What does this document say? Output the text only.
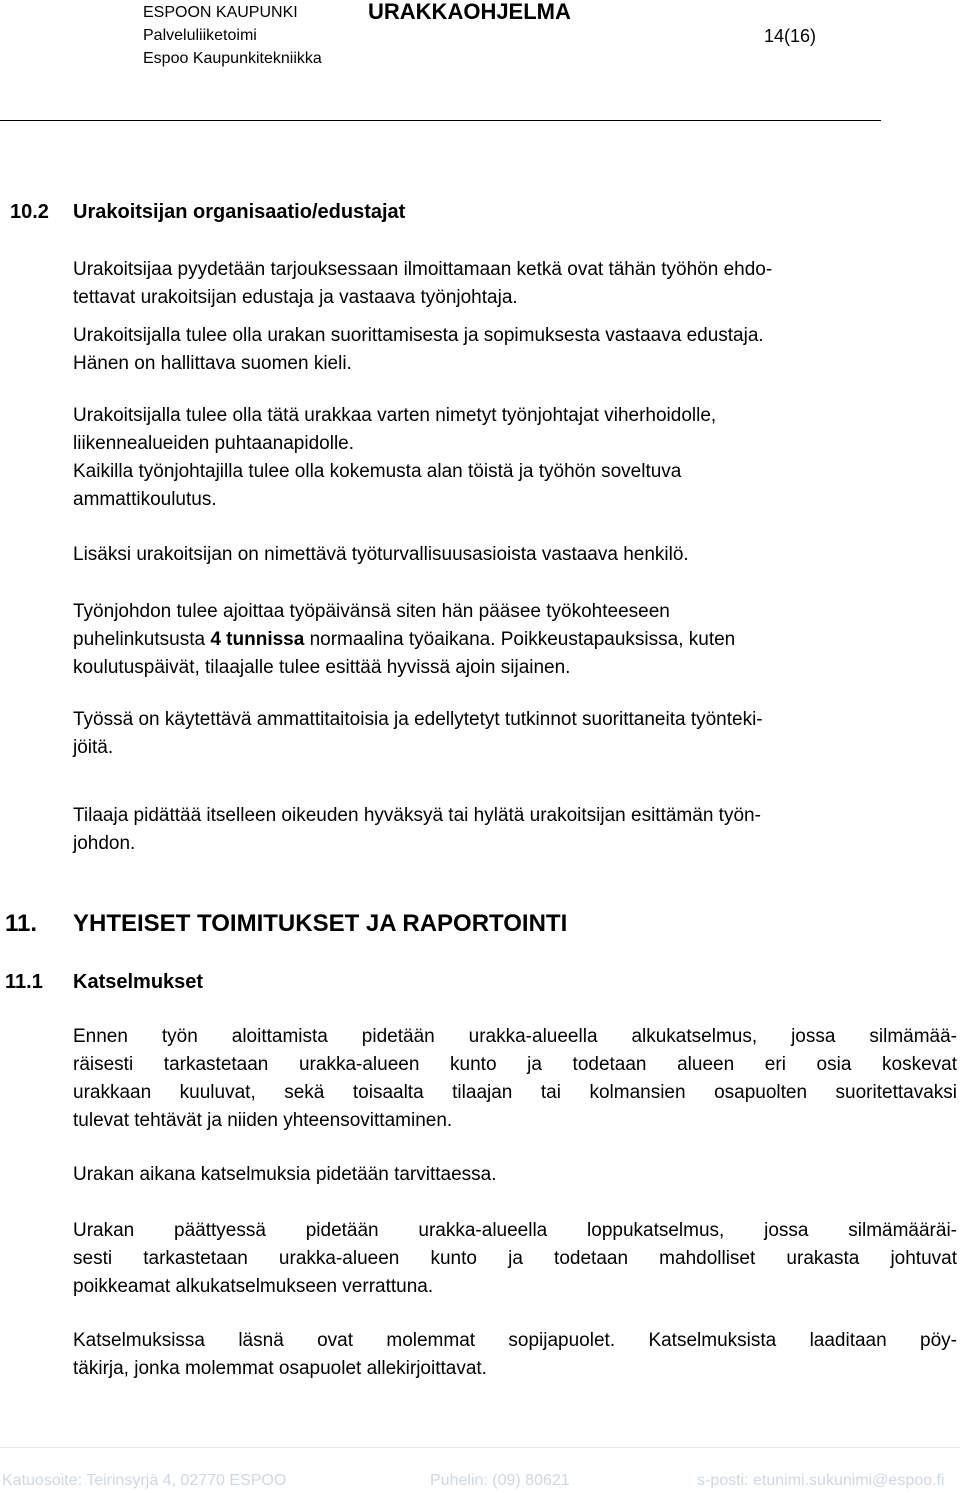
ESPOON KAUPUNKI
Palveluliiketoimi
Espoo Kaupunkitekniikka
URAKKAOHJELMA
14(16)
10.2 Urakoitsijan organisaatio/edustajat
Urakoitsijaa pyydetään tarjouksessaan ilmoittamaan ketkä ovat tähän työhön ehdo-
tettavat urakoitsijan edustaja ja vastaava työnjohtaja.
Urakoitsijalla tulee olla urakan suorittamisesta ja sopimuksesta vastaava edustaja.
Hänen on hallittava suomen kieli.
Urakoitsijalla tulee olla tätä urakkaa varten nimetyt työnjohtajat viherhoidolle,
liikennealueiden puhtaanapidolle.
Kaikilla työnjohtajilla tulee olla kokemusta alan töistä ja työhön soveltuva
ammattikoulutus.
Lisäksi urakoitsijan on nimettävä työturvallisuusasioista vastaava henkilö.
Työnjohdon tulee ajoittaa työpäivänsä siten hän pääsee työkohteeseen
puhelinkutsusta 4 tunnissa normaalina työaikana. Poikkeustapauksissa, kuten
koulutuspäivät, tilaajalle tulee esittää hyvissä ajoin sijainen.
Työssä on käytettävä ammattitaitoisia ja edellytetyt tutkinnot suorittaneita työnteki-
jöitä.
Tilaaja pidättää itselleen oikeuden hyväksyä tai hylätä urakoitsijan esittämän työn-
johdon.
11. YHTEISET TOIMITUKSET JA RAPORTOINTI
11.1 Katselmukset
Ennen työn aloittamista pidetään urakka-alueella alkukatselmus, jossa silmämää-
räisesti tarkastetaan urakka-alueen kunto ja todetaan alueen eri osia koskevat
urakkaan kuuluvat, sekä toisaalta tilaajan tai kolmansien osapuolten suoritettavaksi
tulevat tehtävät ja niiden yhteensovittaminen.
Urakan aikana katselmuksia pidetään tarvittaessa.
Urakan päättyessä pidetään urakka-alueella loppukatselmus, jossa silmämääräi-
sesti tarkastetaan urakka-alueen kunto ja todetaan mahdolliset urakasta johtuvat
poikkeamat alkukatselmukseen verrattuna.
Katselmuksissa läsnä ovat molemmat sopijapuolet. Katselmuksista laaditaan pöy-
täkirja, jonka molemmat osapuolet allekirjoittavat.
Katuosoite: Teirinsyrjä 4, 02770 ESPOO	Puhelin: (09) 80621	s-posti: etunimi.sukunimi@espoo.fi
